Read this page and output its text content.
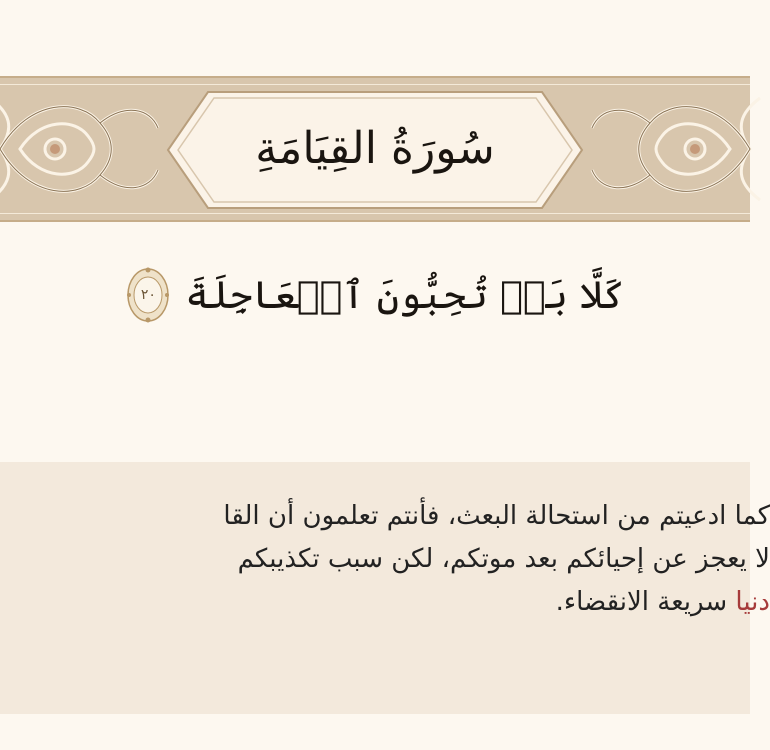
سُورَةُ القِيَامَةِ
كَلَّا بَلۡ تُحِبُّونَ ٱلۡعَاجِلَةَ
٢٠
كما ادعيتم من استحالة البعث، فأنتم تعلمون أن القا
لا يعجز عن إحيائكم بعد موتكم، لكن سبب تكذيبكم
دنيا سريعة الانقضاء.
